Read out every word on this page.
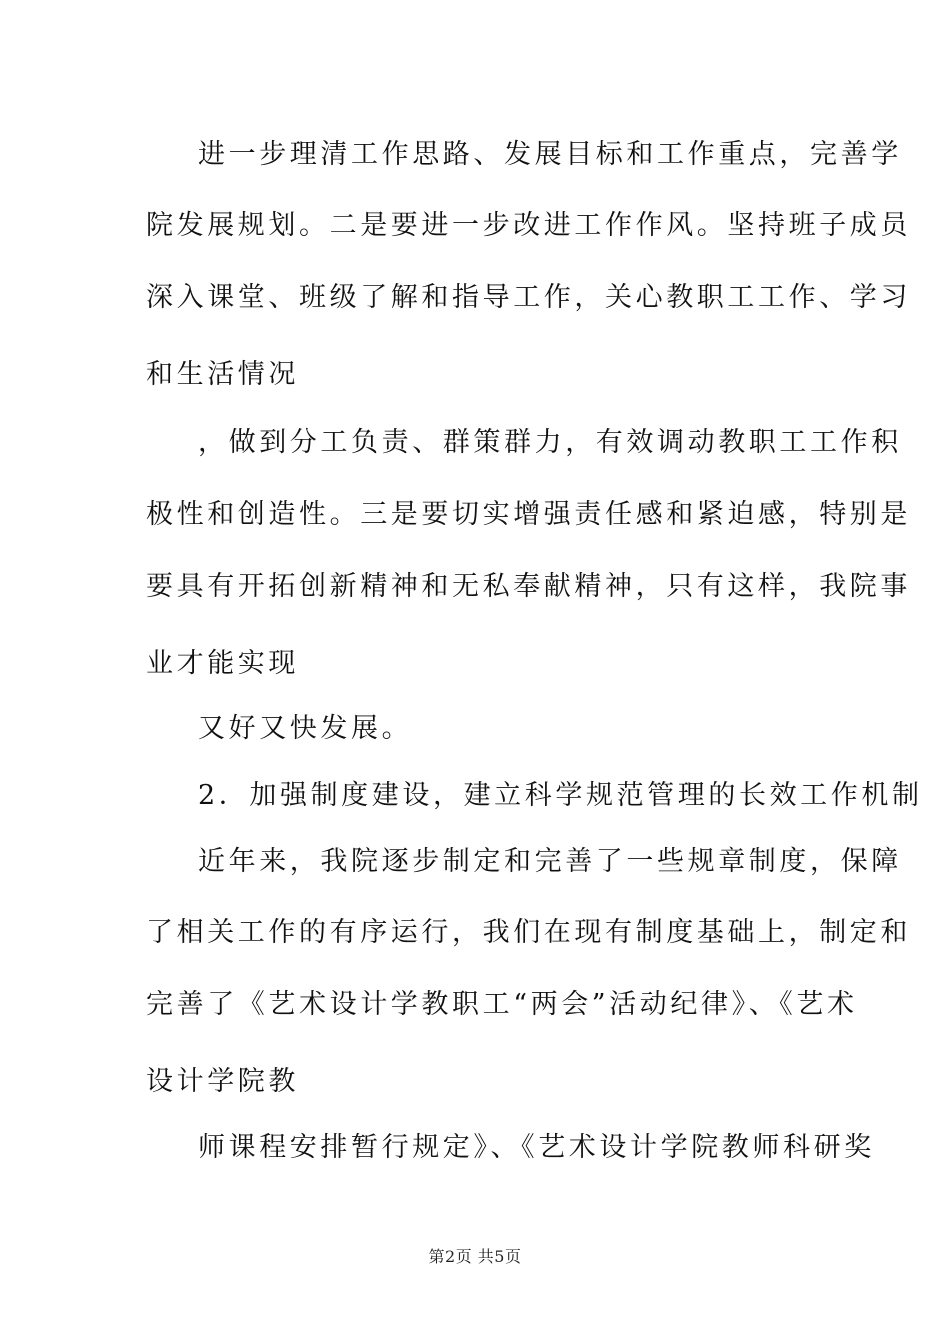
进一步理清工作思路、发展目标和工作重点，完善学
院发展规划。二是要进一步改进工作作风。坚持班子成员
深入课堂、班级了解和指导工作，关心教职工工作、学习
和生活情况
，做到分工负责、群策群力，有效调动教职工工作积
极性和创造性。三是要切实增强责任感和紧迫感，特别是
要具有开拓创新精神和无私奉献精神，只有这样，我院事
业才能实现
又好又快发展。
2．加强制度建设，建立科学规范管理的长效工作机制
近年来，我院逐步制定和完善了一些规章制度，保障
了相关工作的有序运行，我们在现有制度基础上，制定和
完善了《艺术设计学教职工“两会”活动纪律》、《艺术
设计学院教
师课程安排暂行规定》、《艺术设计学院教师科研奖
第2页 共5页
